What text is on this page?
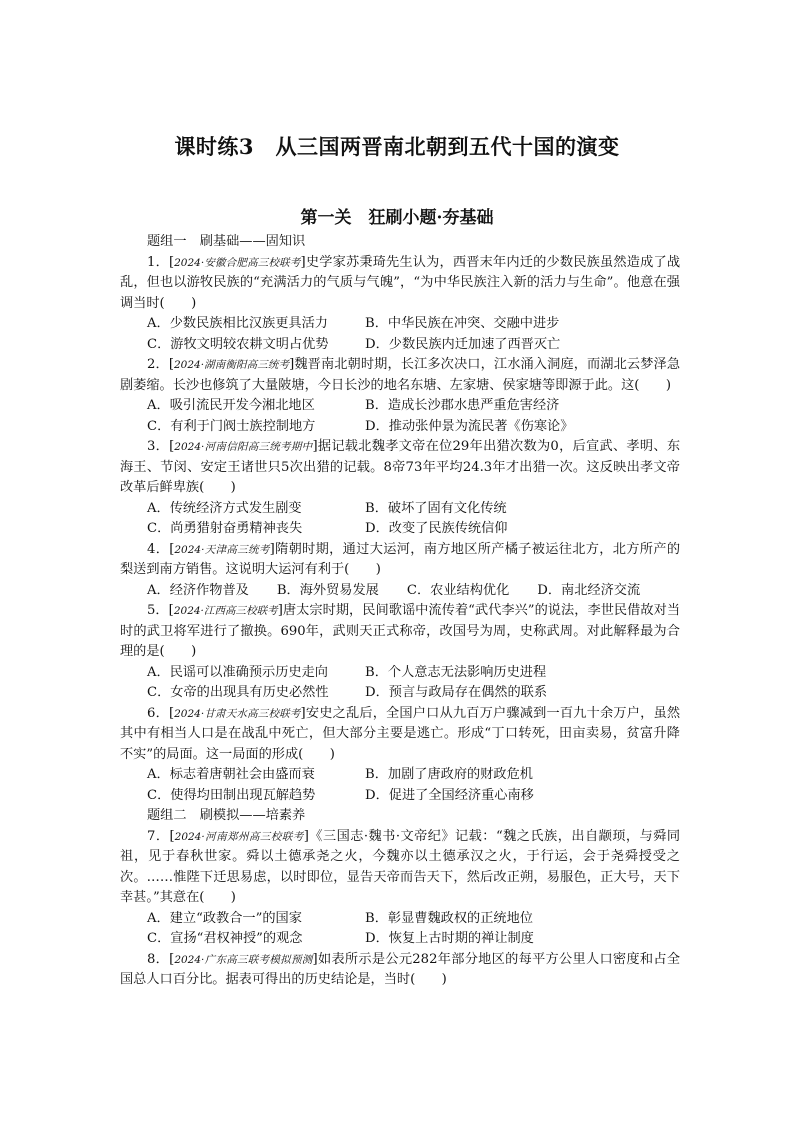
课时练3　从三国两晋南北朝到五代十国的演变
第一关　狂刷小题·夯基础
题组一　刷基础——固知识
1．[2024·安徽合肥高三校联考]史学家苏秉琦先生认为，西晋末年内迁的少数民族虽然造成了战乱，但也以游牧民族的“充满活力的气质与气魄”，“为中华民族注入新的活力与生命”。他意在强调当时(　　)
A．少数民族相比汉族更具活力	B．中华民族在冲突、交融中进步
C．游牧文明较农耕文明占优势	D．少数民族内迁加速了西晋灭亡
2．[2024·湖南衡阳高三统考]魏晋南北朝时期，长江多次决口，江水涌入洞庭，而湖北云梦泽急剧萎缩。长沙也修筑了大量陂塘，今日长沙的地名东塘、左家塘、侯家塘等即源于此。这(　　)
A．吸引流民开发今湘北地区	B．造成长沙郡水患严重危害经济
C．有利于门阀士族控制地方	D．推动张仲景为流民著《伤寒论》
3．[2024·河南信阳高三统考期中]据记载北魏孝文帝在位29年出猎次数为0，后宣武、孝明、东海王、节闵、安定王诸世只5次出猎的记载。8帝73年平均24.3年才出猎一次。这反映出孝文帝改革后鲜卑族(　　)
A．传统经济方式发生剧变	B．破坏了固有文化传统
C．尚勇猎射奋勇精神丧失	D．改变了民族传统信仰
4．[2024·天津高三统考]隋朝时期，通过大运河，南方地区所产橘子被运往北方，北方所产的梨送到南方销售。这说明大运河有利于(　　)
A．经济作物普及 B．海外贸易发展 C．农业结构优化 D．南北经济交流
5．[2024·江西高三校联考]唐太宗时期，民间歌谣中流传着“武代李兴”的说法，李世民借故对当时的武卫将军进行了撤换。690年，武则天正式称帝，改国号为周，史称武周。对此解释最为合理的是(　　)
A．民谣可以准确预示历史走向	B．个人意志无法影响历史进程
C．女帝的出现具有历史必然性	D．预言与政局存在偶然的联系
6．[2024·甘肃天水高三校联考]安史之乱后，全国户口从九百万户骤减到一百九十余万户，虽然其中有相当人口是在战乱中死亡，但大部分主要是逃亡。形成“丁口转死，田亩卖易，贫富升降不实”的局面。这一局面的形成(　　)
A．标志着唐朝社会由盛而衰	B．加剧了唐政府的财政危机
C．使得均田制出现瓦解趋势	D．促进了全国经济重心南移
题组二　刷模拟——培素养
7．[2024·河南郑州高三校联考]《三国志·魏书·文帝纪》记载：“魏之氏族，出自颛顼，与舜同祖，见于春秋世家。舜以土德承尧之火，今魏亦以土德承汉之火，于行运，会于尧舜授受之次。……惟陛下迁思易虑，以时即位，显告天帝而告天下，然后改正朔，易服色，正大号，天下幸甚。”其意在(　　)
A．建立“政教合一”的国家	B．彰显曹魏政权的正统地位
C．宣扬“君权神授”的观念	D．恢复上古时期的禅让制度
8．[2024·广东高三联考模拟预测]如表所示是公元282年部分地区的每平方公里人口密度和占全国总人口百分比。据表可得出的历史结论是，当时(　　)
